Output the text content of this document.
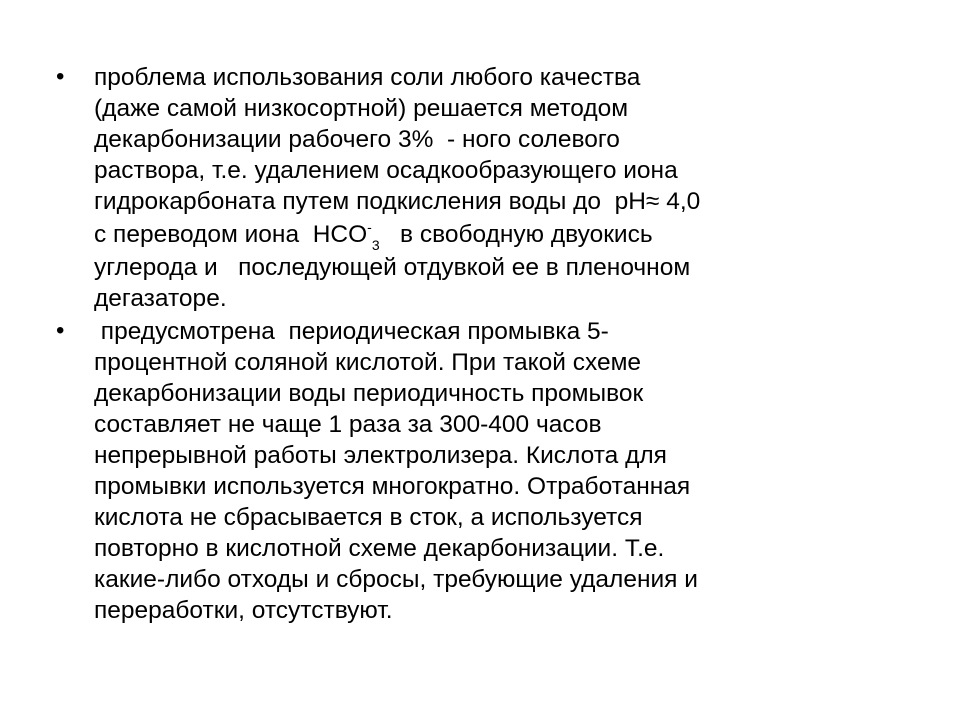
• проблема использования соли любого качества
(даже самой низкосортной) решается методом
декарбонизации рабочего 3%  - ного солевого
раствора, т.е. удалением осадкообразующего иона
гидрокарбоната путем подкисления воды до  pH≈ 4,0
с переводом иона  $HCO^-_3$   в свободную двуокись
углерода и   последующей отдувкой ее в пленочном
дегазаторе.
• предусмотрена  периодическая промывка 5-
процентной соляной кислотой. При такой схеме
декарбонизации воды периодичность промывок
составляет не чаще 1 раза за 300-400 часов
непрерывной работы электролизера. Кислота для
промывки используется многократно. Отработанная
кислота не сбрасывается в сток, а используется
повторно в кислотной схеме декарбонизации. Т.е.
какие-либо отходы и сбросы, требующие удаления и
переработки, отсутствуют.
